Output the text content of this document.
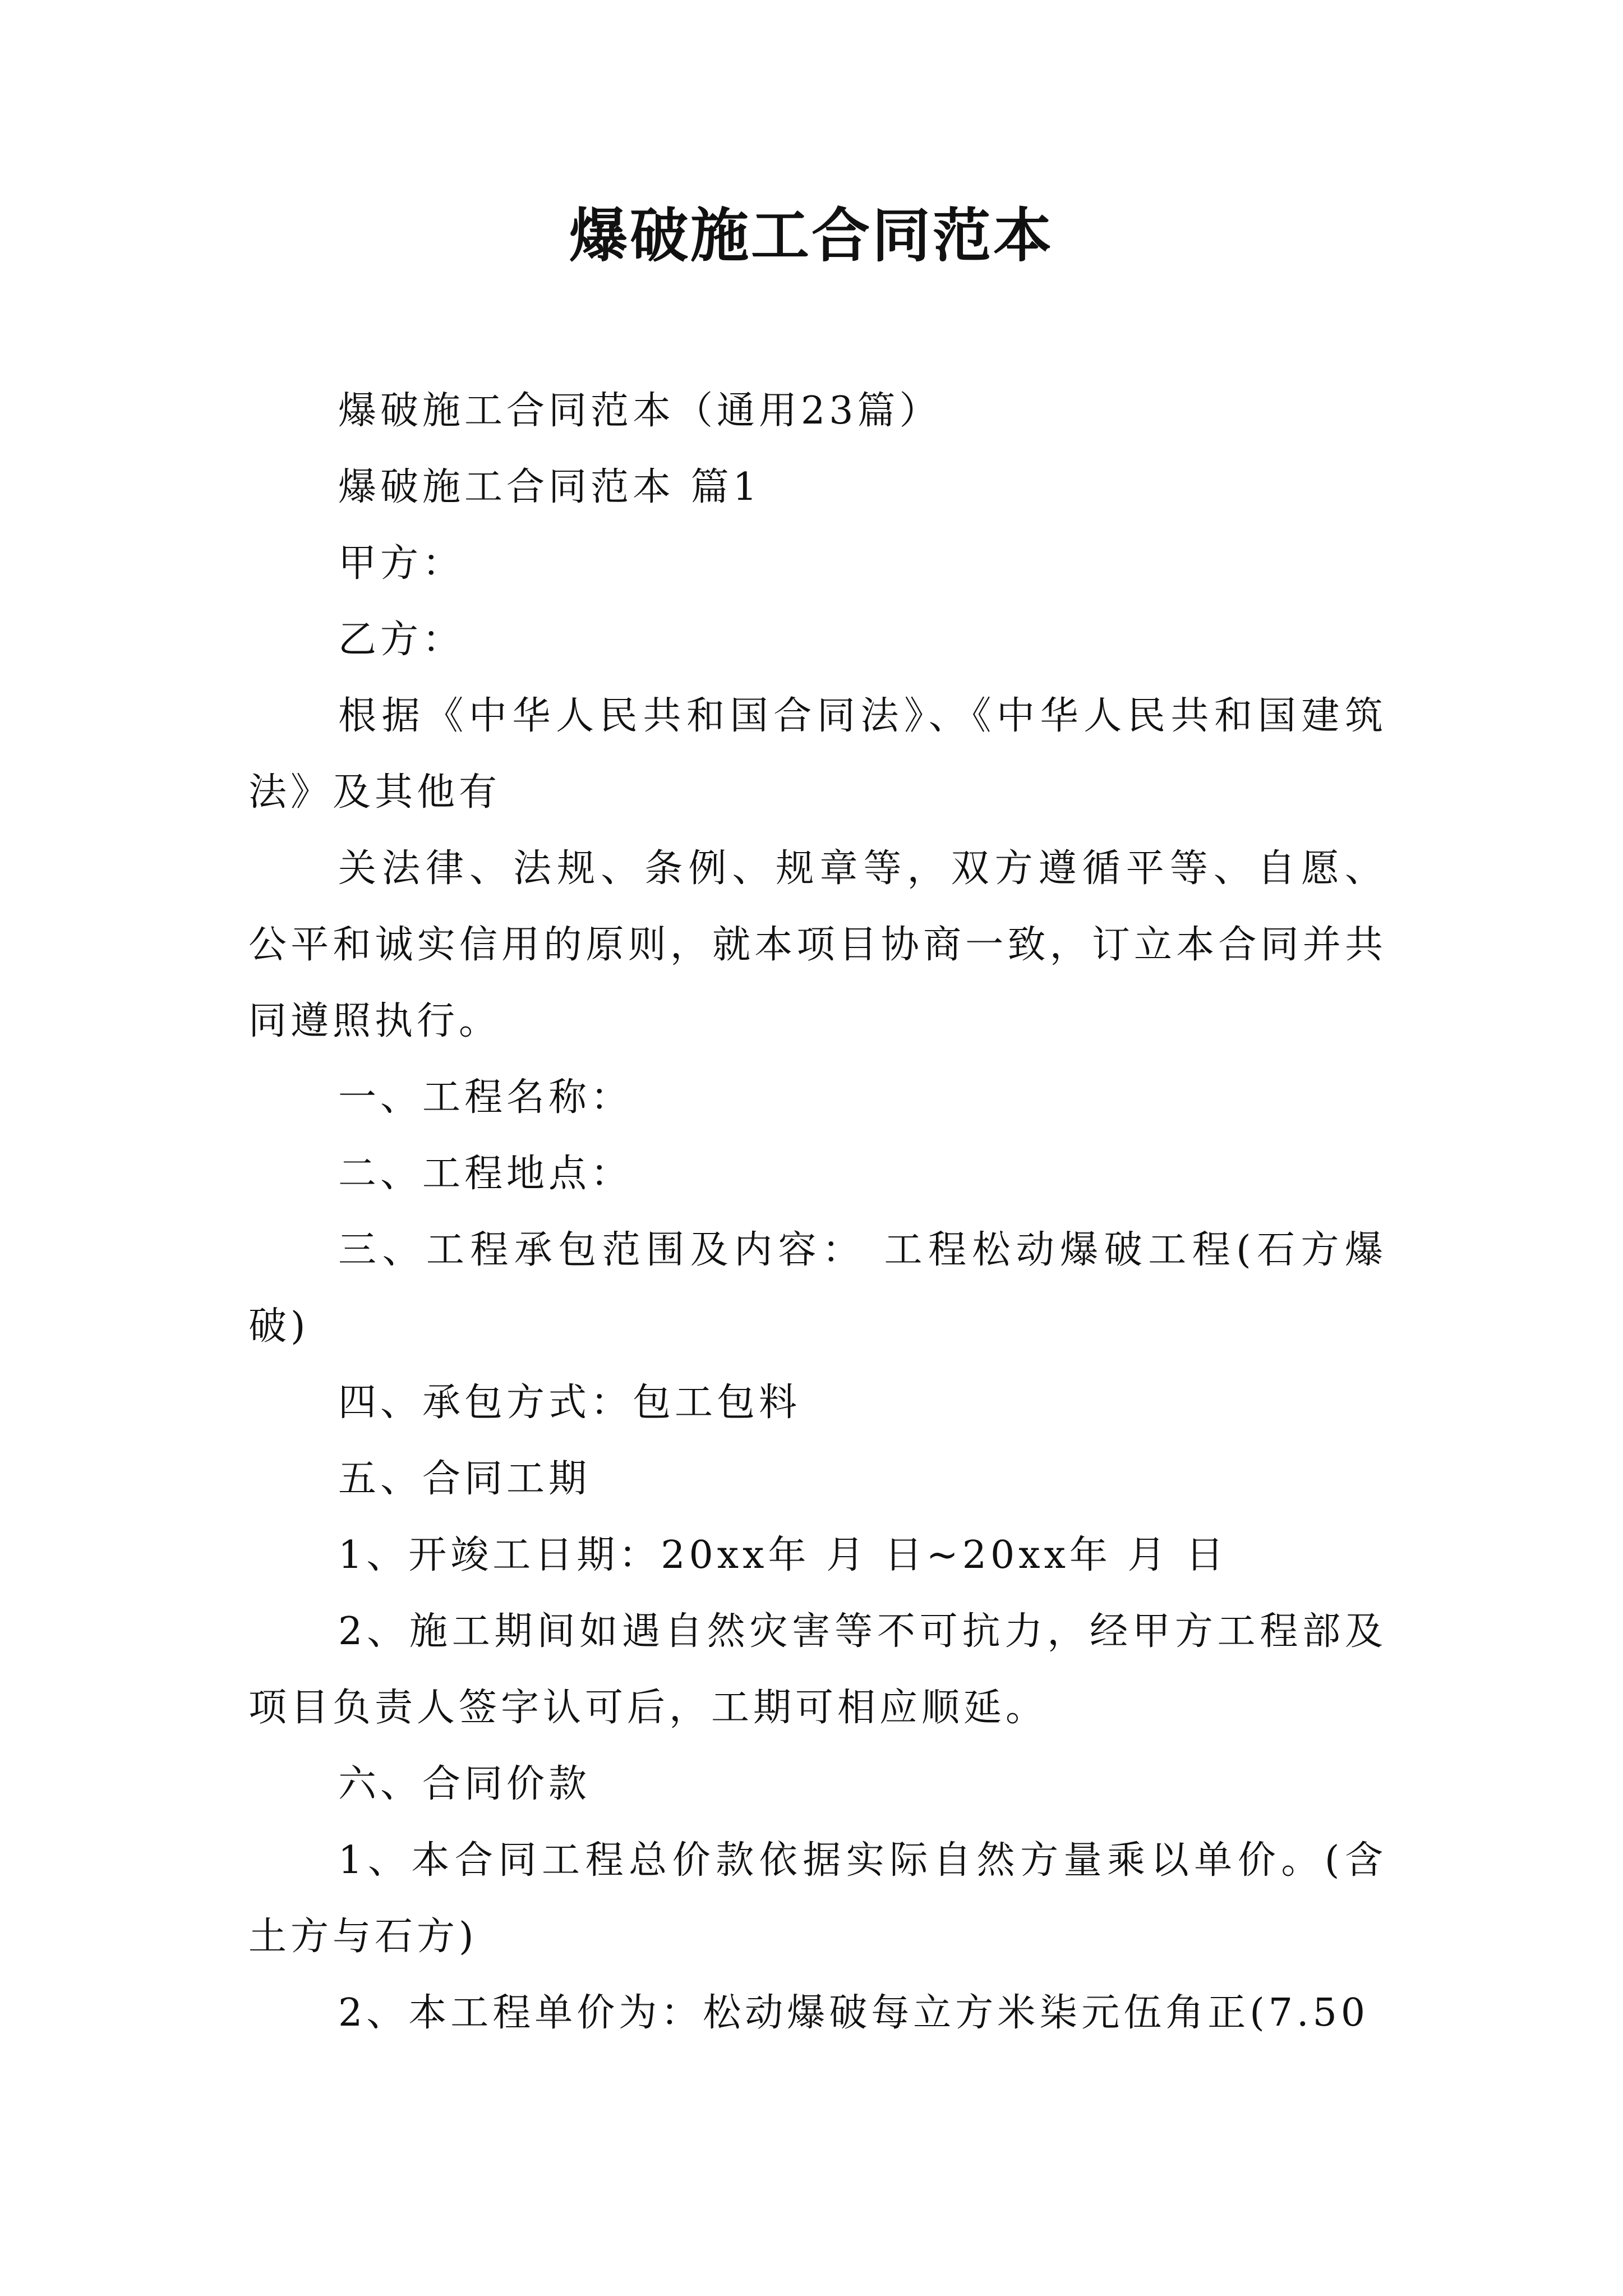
爆破施工合同范本

爆破施工合同范本（通用23篇）

爆破施工合同范本 篇1

甲方：

乙方：

根据《中华人民共和国合同法》、《中华人民共和国建筑法》及其他有

关法律、法规、条例、规章等，双方遵循平等、自愿、公平和诚实信用的原则，就本项目协商一致，订立本合同并共同遵照执行。

一、工程名称：

二、工程地点：

三、工程承包范围及内容： 工程松动爆破工程(石方爆破)

四、承包方式：包工包料

五、合同工期

1、开竣工日期：20xx年 月 日~20xx年 月 日

2、施工期间如遇自然灾害等不可抗力，经甲方工程部及项目负责人签字认可后，工期可相应顺延。

六、合同价款

1、本合同工程总价款依据实际自然方量乘以单价。(含土方与石方)

2、本工程单价为：松动爆破每立方米柒元伍角正(7.50
